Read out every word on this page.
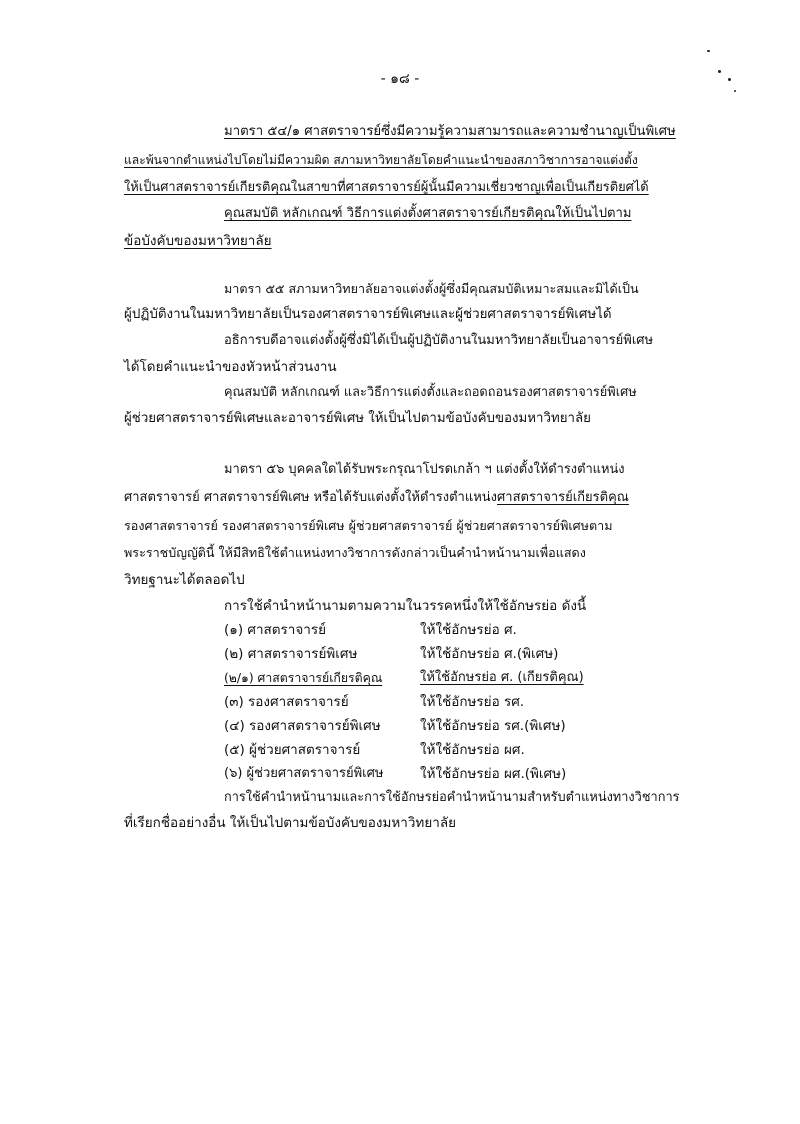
- ๑๘ -
มาตรา ๕๔/๑ ศาสตราจารย์ซึ่งมีความรู้ความสามารถและความชำนาญเป็นพิเศษ
และพ้นจากตำแหน่งไปโดยไม่มีความผิด สภามหาวิทยาลัยโดยคำแนะนำของสภาวิชาการอาจแต่งตั้ง
ให้เป็นศาสตราจารย์เกียรติคุณในสาขาที่ศาสตราจารย์ผู้นั้นมีความเชี่ยวชาญเพื่อเป็นเกียรติยศได้
คุณสมบัติ หลักเกณฑ์ วิธีการแต่งตั้งศาสตราจารย์เกียรติคุณให้เป็นไปตาม
ข้อบังคับของมหาวิทยาลัย
มาตรา ๕๕ สภามหาวิทยาลัยอาจแต่งตั้งผู้ซึ่งมีคุณสมบัติเหมาะสมและมิได้เป็น
ผู้ปฏิบัติงานในมหาวิทยาลัยเป็นรองศาสตราจารย์พิเศษและผู้ช่วยศาสตราจารย์พิเศษได้
อธิการบดีอาจแต่งตั้งผู้ซึ่งมิได้เป็นผู้ปฏิบัติงานในมหาวิทยาลัยเป็นอาจารย์พิเศษ
ได้โดยคำแนะนำของหัวหน้าส่วนงาน
คุณสมบัติ หลักเกณฑ์ และวิธีการแต่งตั้งและถอดถอนรองศาสตราจารย์พิเศษ
ผู้ช่วยศาสตราจารย์พิเศษและอาจารย์พิเศษ ให้เป็นไปตามข้อบังคับของมหาวิทยาลัย
มาตรา ๕๖ บุคคลใดได้รับพระกรุณาโปรดเกล้า ฯ แต่งตั้งให้ดำรงตำแหน่ง
ศาสตราจารย์ ศาสตราจารย์พิเศษ หรือได้รับแต่งตั้งให้ดำรงตำแหน่งศาสตราจารย์เกียรติคุณ
รองศาสตราจารย์ รองศาสตราจารย์พิเศษ ผู้ช่วยศาสตราจารย์ ผู้ช่วยศาสตราจารย์พิเศษตาม
พระราชบัญญัตินี้ ให้มีสิทธิใช้ตำแหน่งทางวิชาการดังกล่าวเป็นคำนำหน้านามเพื่อแสดง
วิทยฐานะได้ตลอดไป
การใช้คำนำหน้านามตามความในวรรคหนึ่งให้ใช้อักษรย่อ ดังนี้
(๑) ศาสตราจารย์	ให้ใช้อักษรย่อ ศ.
(๒) ศาสตราจารย์พิเศษ	ให้ใช้อักษรย่อ ศ.(พิเศษ)
(๒/๑) ศาสตราจารย์เกียรติคุณ	ให้ใช้อักษรย่อ ศ. (เกียรติคุณ)
(๓) รองศาสตราจารย์	ให้ใช้อักษรย่อ รศ.
(๔) รองศาสตราจารย์พิเศษ	ให้ใช้อักษรย่อ รศ.(พิเศษ)
(๕) ผู้ช่วยศาสตราจารย์	ให้ใช้อักษรย่อ ผศ.
(๖) ผู้ช่วยศาสตราจารย์พิเศษ	ให้ใช้อักษรย่อ ผศ.(พิเศษ)
การใช้คำนำหน้านามและการใช้อักษรย่อคำนำหน้านามสำหรับตำแหน่งทางวิชาการ
ที่เรียกชื่ออย่างอื่น ให้เป็นไปตามข้อบังคับของมหาวิทยาลัย
